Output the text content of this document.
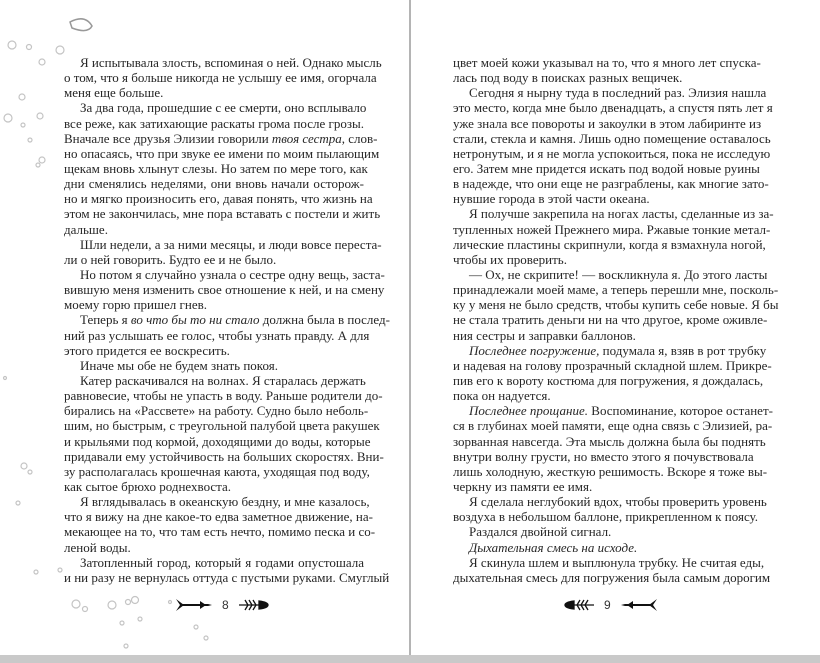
Я испытывала злость, вспоминая о ней. Однако мысль
о том, что я больше никогда не услышу ее имя, огорчала
меня еще больше.
За два года, прошедшие с ее смерти, оно всплывало
все реже, как затихающие раскаты грома после грозы.
Вначале все друзья Элизии говорили твоя сестра, слов-
но опасаясь, что при звуке ее имени по моим пылающим
щекам вновь хлынут слезы. Но затем по мере того, как
дни сменялись неделями, они вновь начали осторож-
но и мягко произносить его, давая понять, что жизнь на
этом не закончилась, мне пора вставать с постели и жить
дальше.
Шли недели, а за ними месяцы, и люди вовсе переста-
ли о ней говорить. Будто ее и не было.
Но потом я случайно узнала о сестре одну вещь, заста-
вившую меня изменить свое отношение к ней, и на смену
моему горю пришел гнев.
Теперь я во что бы то ни стало должна была в послед-
ний раз услышать ее голос, чтобы узнать правду. А для
этого придется ее воскресить.
Иначе мы обе не будем знать покоя.
Катер раскачивался на волнах. Я старалась держать
равновесие, чтобы не упасть в воду. Раньше родители до-
бирались на «Рассвете» на работу. Судно было неболь-
шим, но быстрым, с треугольной палубой цвета ракушек
и крыльями под кормой, доходящими до воды, которые
придавали ему устойчивость на больших скоростях. Вни-
зу располагалась крошечная каюта, уходящая под воду,
как сытое брюхо роднехвоста.
Я вглядывалась в океанскую бездну, и мне казалось,
что я вижу на дне какое-то едва заметное движение, на-
мекающее на то, что там есть нечто, помимо песка и со-
леной воды.
Затопленный город, который я годами опустошала
и ни разу не вернулась оттуда с пустыми руками. Смуглый
8
цвет моей кожи указывал на то, что я много лет спуска-
лась под воду в поисках разных вещичек.
Сегодня я нырну туда в последний раз. Элизия нашла
это место, когда мне было двенадцать, а спустя пять лет я
уже знала все повороты и закоулки в этом лабиринте из
стали, стекла и камня. Лишь одно помещение оставалось
нетронутым, и я не могла успокоиться, пока не исследую
его. Затем мне придется искать под водой новые руины
в надежде, что они еще не разграблены, как многие зато-
нувшие города в этой части океана.
Я получше закрепила на ногах ласты, сделанные из за-
тупленных ножей Прежнего мира. Ржавые тонкие метал-
лические пластины скрипнули, когда я взмахнула ногой,
чтобы их проверить.
— Ох, не скрипите! — воскликнула я. До этого ласты
принадлежали моей маме, а теперь перешли мне, посколь-
ку у меня не было средств, чтобы купить себе новые. Я бы
не стала тратить деньги ни на что другое, кроме оживле-
ния сестры и заправки баллонов.
Последнее погружение, подумала я, взяв в рот трубку
и надевая на голову прозрачный складной шлем. Прикре-
пив его к вороту костюма для погружения, я дождалась,
пока он надуется.
Последнее прощание. Воспоминание, которое останет-
ся в глубинах моей памяти, еще одна связь с Элизией, ра-
зорванная навсегда. Эта мысль должна была бы поднять
внутри волну грусти, но вместо этого я почувствовала
лишь холодную, жесткую решимость. Вскоре я тоже вы-
черкну из памяти ее имя.
Я сделала неглубокий вдох, чтобы проверить уровень
воздуха в небольшом баллоне, прикрепленном к поясу.
Раздался двойной сигнал.
Дыхательная смесь на исходе.
Я скинула шлем и выплюнула трубку. Не считая еды,
дыхательная смесь для погружения была самым дорогим
9
